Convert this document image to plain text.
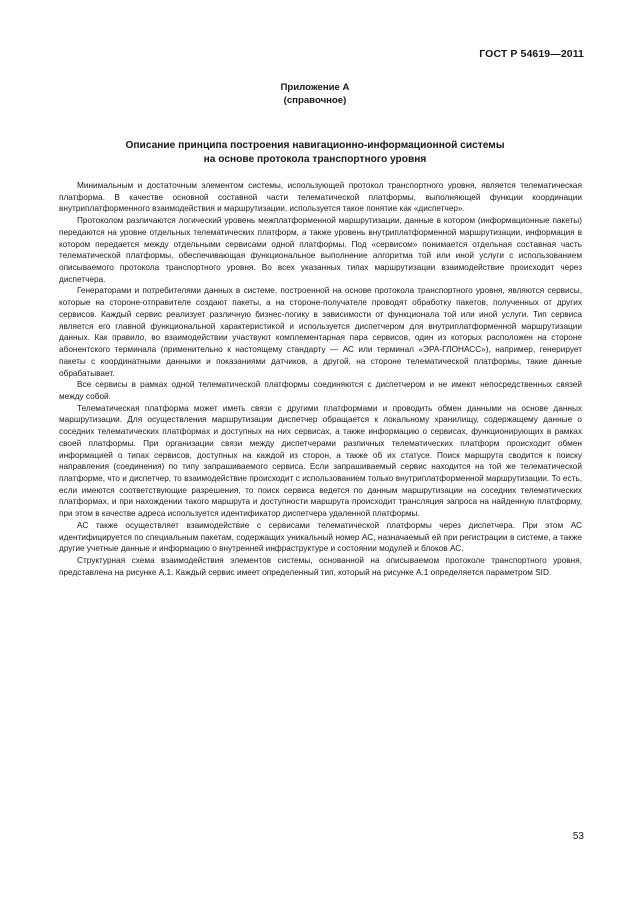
ГОСТ Р 54619—2011
Приложение А
(справочное)
Описание принципа построения навигационно-информационной системы
на основе протокола транспортного уровня

Минимальным и достаточным элементом системы, использующей протокол транспортного уровня, является телематическая платформа. В качестве основной составной части телематической платформы, выполняющей функции координации внутриплатформенного взаимодействия и маршрутизации, используется такое понятие как «диспетчер».

Протоколом различаются логический уровень межплатформенной маршрутизации, данные в котором (информационные пакеты) передаются на уровне отдельных телематических платформ, а также уровень внутриплатформенной маршрутизации, информация в котором передается между отдельными сервисами одной платформы. Под «сервисом» понимается отдельная составная часть телематической платформы, обеспечивающая функциональное выполнение алгоритма той или иной услуги с использованием описываемого протокола транспортного уровня. Во всех указанных типах маршрутизации взаимодействие происходит через диспетчера.

Генераторами и потребителями данных в системе, построенной на основе протокола транспортного уровня, являются сервисы, которые на стороне-отправителе создают пакеты, а на стороне-получателе проводят обработку пакетов, полученных от других сервисов. Каждый сервис реализует различную бизнес-логику в зависимости от функционала той или иной услуги. Тип сервиса является его главной функциональной характеристикой и используется диспетчером для внутриплатформенной маршрутизации данных. Как правило, во взаимодействии участвуют комплементарная пара сервисов, один из которых расположен на стороне абонентского терминала (применительно к настоящему стандарту — АС или терминал «ЭРА-ГЛОНАСС»), например, генерирует пакеты с координатными данными и показаниями датчиков, а другой, на стороне телематической платформы, такие данные обрабатывает.

Все сервисы в рамках одной телематической платформы соединяются с диспетчером и не имеют непосредственных связей между собой.

Телематическая платформа может иметь связи с другими платформами и проводить обмен данными на основе данных маршрутизации. Для осуществления маршрутизации диспетчер обращается к локальному хранилищу, содержащему данные о соседних телематических платформах и доступных на них сервисах, а также информацию о сервисах, функционирующих в рамках своей платформы. При организации связи между диспетчерами различных телематических платформ происходит обмен информацией о типах сервисов, доступных на каждой из сторон, а также об их статусе. Поиск маршрута сводится к поиску направления (соединения) по типу запрашиваемого сервиса. Если запрашиваемый сервис находится на той же телематической платформе, что и диспетчер, то взаимодействие происходит с использованием только внутриплатформенной маршрутизации. То есть, если имеются соответствующие разрешения, то поиск сервиса ведется по данным маршрутизации на соседних телематических платформах, и при нахождении такого маршрута и доступности маршрута происходит трансляция запроса на найденную платформу, при этом в качестве адреса используется идентификатор диспетчера удаленной платформы.

АС также осуществляет взаимодействие с сервисами телематической платформы через диспетчера. При этом АС идентифицируется по специальным пакетам, содержащих уникальный номер АС, назначаемый ей при регистрации в системе, а также другие учетные данные и информацию о внутренней инфраструктуре и состоянии модулей и блоков АС.

Структурная схема взаимодействия элементов системы, основанной на описываемом протоколе транспортного уровня, представлена на рисунке А.1. Каждый сервис имеет определенный тип, который на рисунке А.1 определяется параметром SID.

53
